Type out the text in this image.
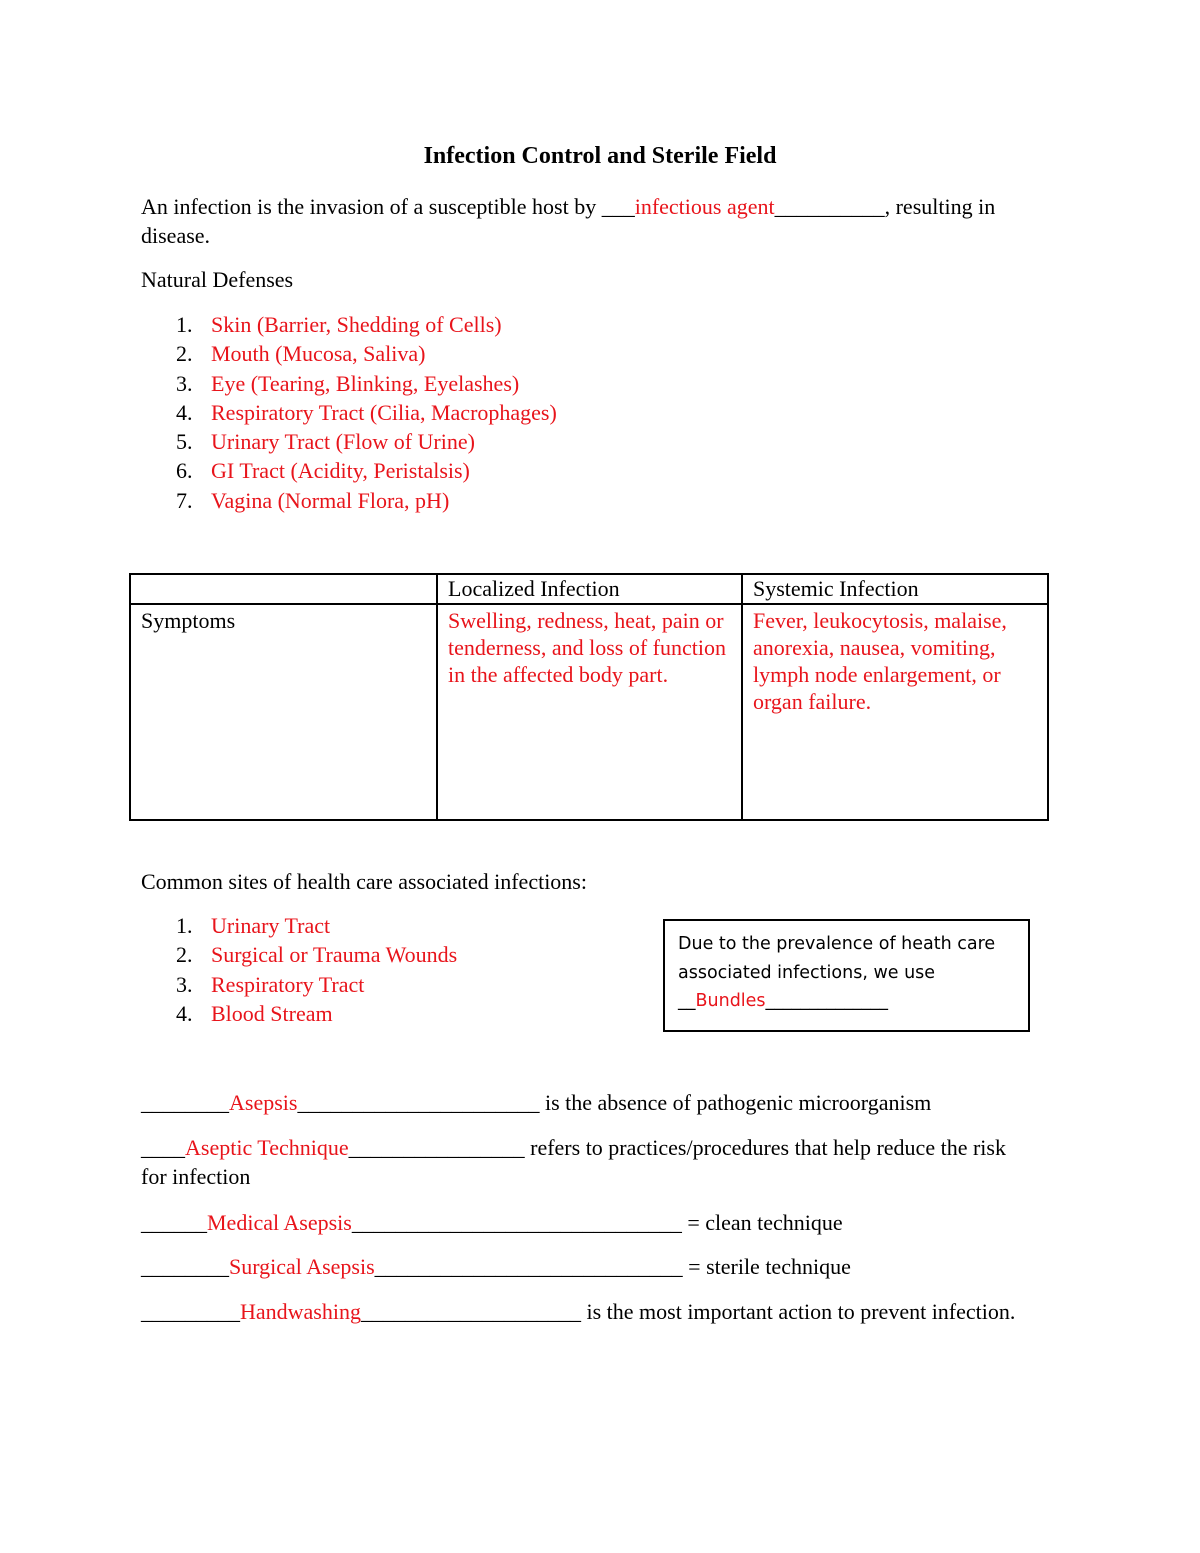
Infection Control and Sterile Field
An infection is the invasion of a susceptible host by ___infectious agent__________, resulting in
disease.
Natural Defenses
1. Skin (Barrier, Shedding of Cells)
2. Mouth (Mucosa, Saliva)
3. Eye (Tearing, Blinking, Eyelashes)
4. Respiratory Tract (Cilia, Macrophages)
5. Urinary Tract (Flow of Urine)
6. GI Tract (Acidity, Peristalsis)
7. Vagina (Normal Flora, pH)
	Localized Infection	Systemic Infection
Symptoms	Swelling, redness, heat, pain or tenderness, and loss of function in the affected body part.	Fever, leukocytosis, malaise, anorexia, nausea, vomiting, lymph node enlargement, or organ failure.
Common sites of health care associated infections:
1. Urinary Tract
2. Surgical or Trauma Wounds
3. Respiratory Tract
4. Blood Stream
Due to the prevalence of heath care
associated infections, we use
__Bundles______________
________Asepsis______________________ is the absence of pathogenic microorganism
____Aseptic Technique________________ refers to practices/procedures that help reduce the risk
for infection
______Medical Asepsis______________________________ = clean technique
________Surgical Asepsis____________________________ = sterile technique
_________Handwashing____________________ is the most important action to prevent infection.
